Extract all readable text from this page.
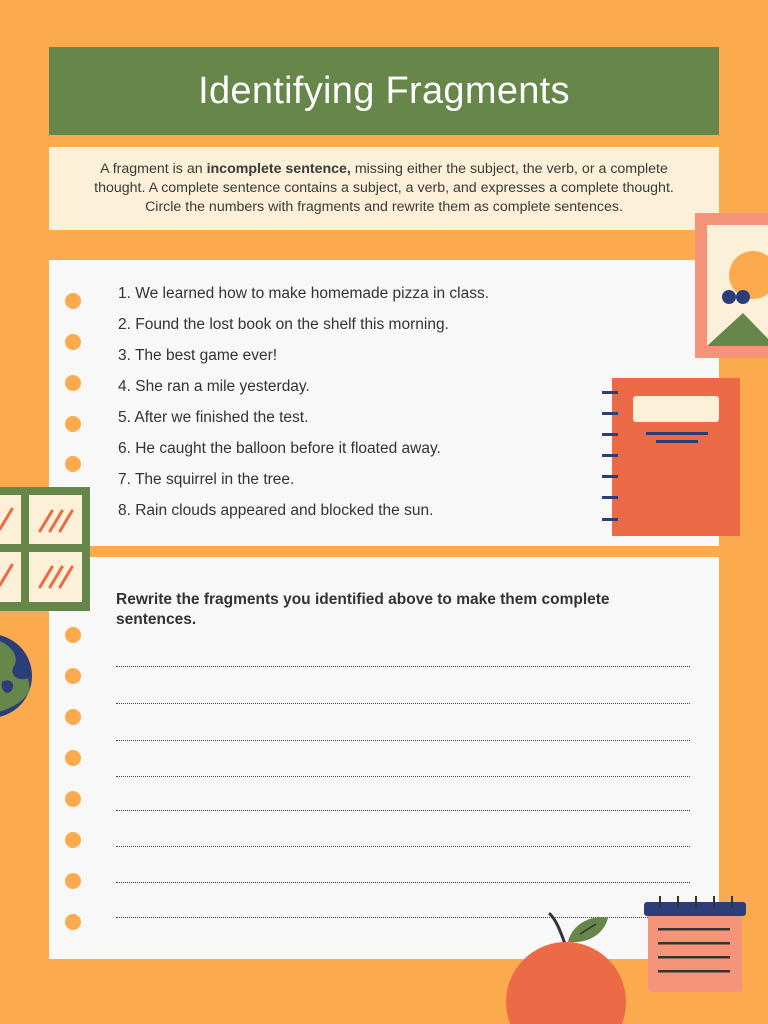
Identifying Fragments
A fragment is an incomplete sentence, missing either the subject, the verb, or a complete thought. A complete sentence contains a subject, a verb, and expresses a complete thought. Circle the numbers with fragments and rewrite them as complete sentences.
1. We learned how to make homemade pizza in class.
2. Found the lost book on the shelf this morning.
3. The best game ever!
4. She ran a mile yesterday.
5. After we finished the test.
6. He caught the balloon before it floated away.
7. The squirrel in the tree.
8. Rain clouds appeared and blocked the sun.
Rewrite the fragments you identified above to make them complete sentences.
